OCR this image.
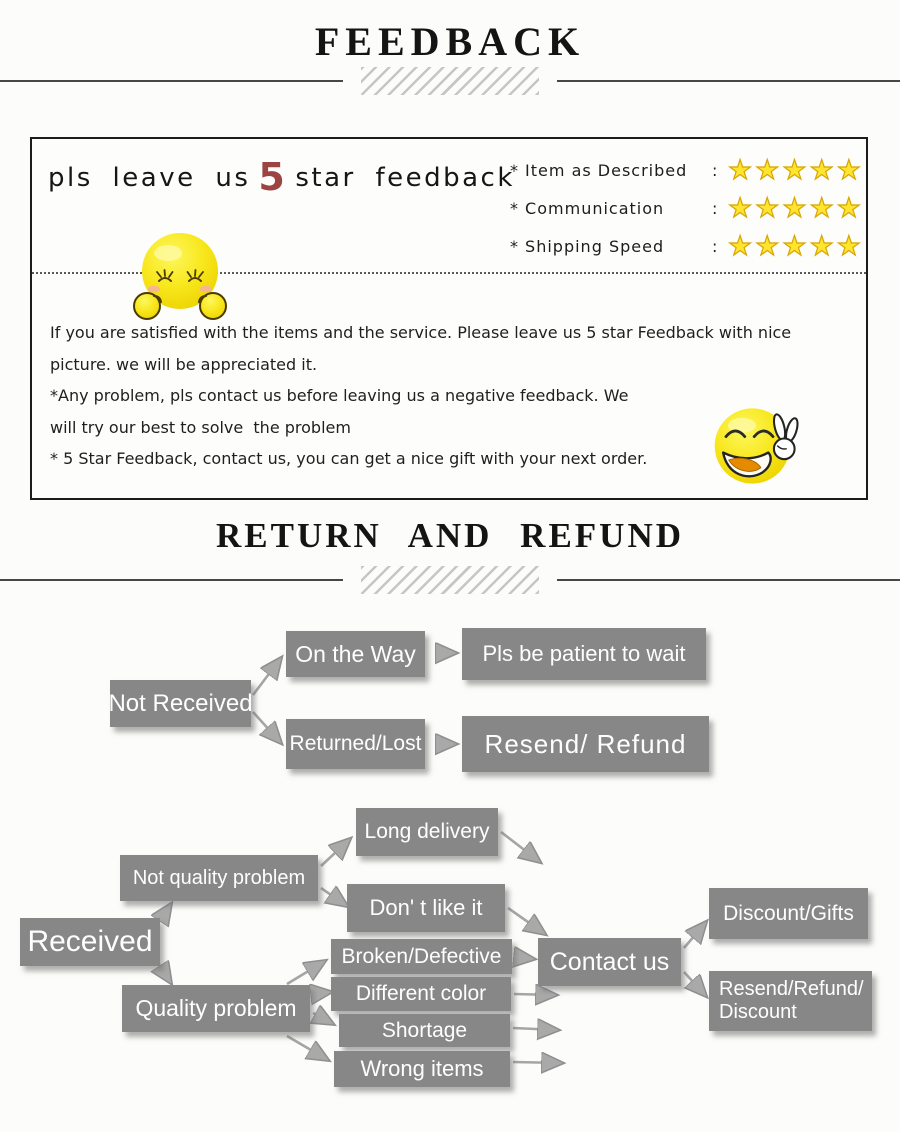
FEEDBACK
pls leave us 5 star feedback
* Item as Described	: ★★★★★
* Communication	: ★★★★★
* Shipping Speed	: ★★★★★
If you are satisfied with the items and the service. Please leave us 5 star Feedback with nice
picture. we will be appreciated it.
*Any problem, pls contact us before leaving us a negative feedback. We
will try our best to solve  the problem
* 5 Star Feedback, contact us, you can get a nice gift with your next order.
RETURN AND REFUND
Not Received
On the Way	Pls be patient to wait
Returned/Lost	Resend/ Refund
Received
Not quality problem
Long delivery
Don' t like it
Quality problem
Broken/Defective
Different color
Shortage
Wrong items
Contact us
Discount/Gifts
Resend/Refund/ Discount
